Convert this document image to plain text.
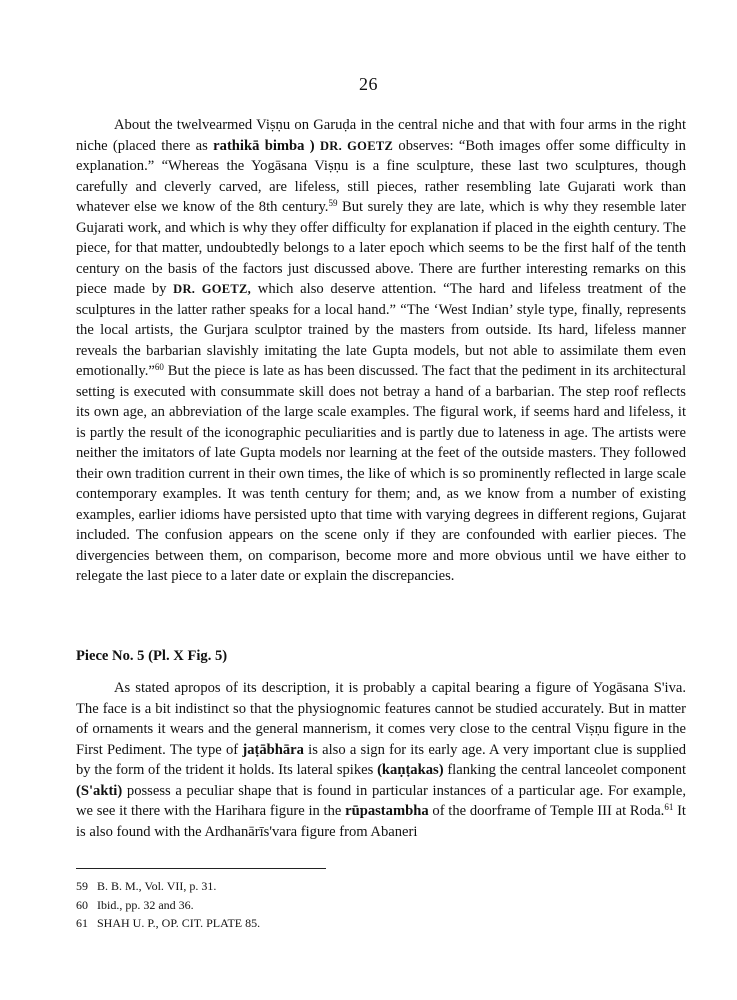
26

About the twelvearmed Viṣṇu on Garuḍa in the central niche and that with four arms in the right niche (placed there as rathikā bimba ) DR. GOETZ observes: “Both images offer some difficulty in explanation.” “Whereas the Yogāsana Viṣṇu is a fine sculpture, these last two sculptures, though carefully and cleverly carved, are lifeless, still pieces, rather resembling late Gujarati work than whatever else we know of the 8th century.$^{59}$ But surely they are late, which is why they resemble later Gujarati work, and which is why they offer difficulty for explanation if placed in the eighth century. The piece, for that matter, undoubtedly belongs to a later epoch which seems to be the first half of the tenth century on the basis of the factors just discussed above. There are further interesting remarks on this piece made by DR. GOETZ, which also deserve attention. “The hard and lifeless treatment of the sculptures in the latter rather speaks for a local hand.” “The ‘West Indian’ style type, finally, represents the local artists, the Gurjara sculptor trained by the masters from outside. Its hard, lifeless manner reveals the barbarian slavishly imitating the late Gupta models, but not able to assimilate them even emotionally.”$^{60}$ But the piece is late as has been discussed. The fact that the pediment in its architectural setting is executed with consummate skill does not betray a hand of a barbarian. The step roof reflects its own age, an abbreviation of the large scale examples. The figural work, if seems hard and lifeless, it is partly the result of the iconographic peculiarities and is partly due to lateness in age. The artists were neither the imitators of late Gupta models nor learning at the feet of the outside masters. They followed their own tradition current in their own times, the like of which is so prominently reflected in large scale contemporary examples. It was tenth century for them; and, as we know from a number of existing examples, earlier idioms have persisted upto that time with varying degrees in different regions, Gujarat included. The confusion appears on the scene only if they are confounded with earlier pieces. The divergencies between them, on comparison, become more and more obvious until we have either to relegate the last piece to a later date or explain the discrepancies.

Piece No. 5 (Pl. X Fig. 5)

As stated apropos of its description, it is probably a capital bearing a figure of Yogāsana S'iva. The face is a bit indistinct so that the physiognomic features cannot be studied accurately. But in matter of ornaments it wears and the general mannerism, it comes very close to the central Viṣṇu figure in the First Pediment. The type of jaṭābhāra is also a sign for its early age. A very important clue is supplied by the form of the trident it holds. Its lateral spikes (kaṇṭakas) flanking the central lanceolet component (S'akti) possess a peculiar shape that is found in particular instances of a particular age. For example, we see it there with the Harihara figure in the rūpastambha of the doorframe of Temple III at Roda.$^{61}$ It is also found with the Ardhanārīs'vara figure from Abaneri

59 B. B. M., Vol. VII, p. 31.
60 Ibid., pp. 32 and 36.
61 SHAH U. P., OP. CIT. PLATE 85.
